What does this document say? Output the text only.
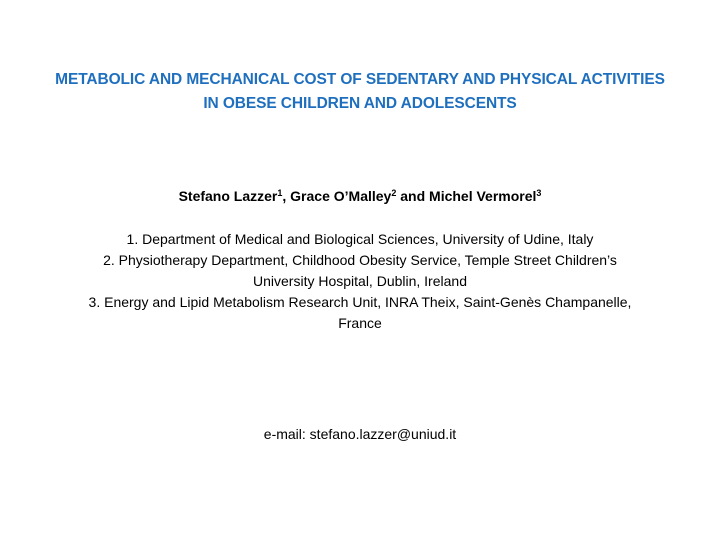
METABOLIC AND MECHANICAL COST OF SEDENTARY AND PHYSICAL ACTIVITIES
IN OBESE CHILDREN AND ADOLESCENTS
Stefano Lazzer$^1$, Grace O’Malley$^2$ and Michel Vermorel$^3$
1. Department of Medical and Biological Sciences, University of Udine, Italy
2. Physiotherapy Department, Childhood Obesity Service, Temple Street Children’s
University Hospital, Dublin, Ireland
3. Energy and Lipid Metabolism Research Unit, INRA Theix, Saint-Genès Champanelle,
France
e-mail: stefano.lazzer@uniud.it
